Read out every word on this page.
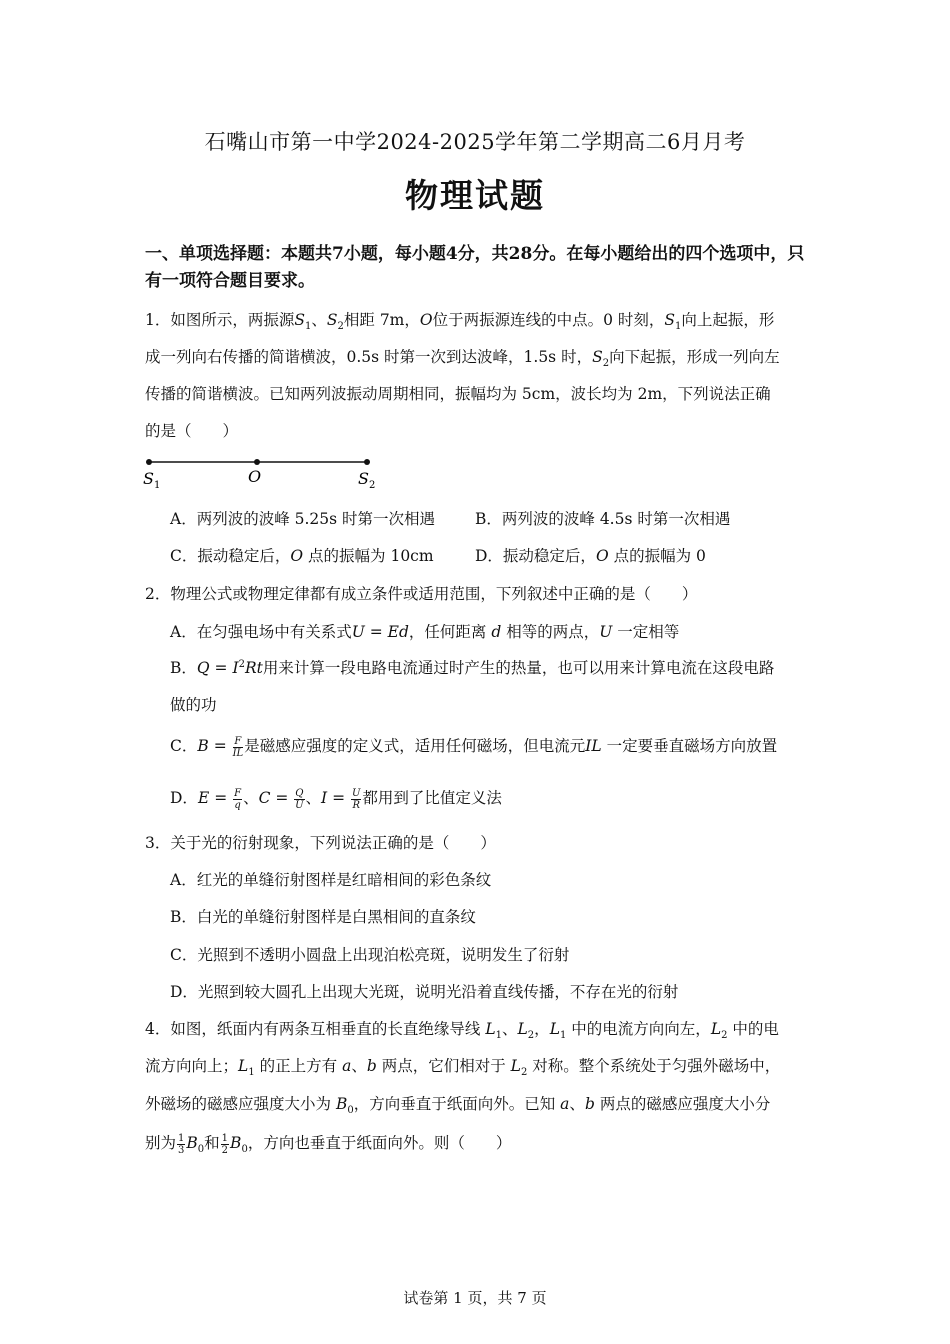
石嘴山市第一中学2024-2025学年第二学期高二6月月考
物理试题
一、单项选择题：本题共7小题，每小题4分，共28分。在每小题给出的四个选项中，只有一项符合题目要求。
1．如图所示，两振源$S_1$、$S_2$相距 7m，O位于两振源连线的中点。0 时刻，$S_1$向上起振，形
成一列向右传播的简谐横波，0.5s 时第一次到达波峰，1.5s 时，$S_2$向下起振，形成一列向左
传播的简谐横波。已知两列波振动周期相同，振幅均为 5cm，波长均为 2m，下列说法正确
的是（　　）
$S_1$	O	$S_2$
A．两列波的波峰 5.25s 时第一次相遇	B．两列波的波峰 4.5s 时第一次相遇
C．振动稳定后，O 点的振幅为 10cm	D．振动稳定后，O 点的振幅为 0
2．物理公式或物理定律都有成立条件或适用范围，下列叙述中正确的是（　　）
A．在匀强电场中有关系式U = Ed，任何距离 d 相等的两点，U 一定相等
B．$Q = I^2Rt$用来计算一段电路电流通过时产生的热量，也可以用来计算电流在这段电路
做的功
C．$B = \frac{F}{IL}$ 是磁感应强度的定义式，适用任何磁场，但电流元IL 一定要垂直磁场方向放置
D．$E = \frac{F}{q}$ 、$C = \frac{Q}{U}$ 、$I = \frac{U}{R}$ 都用到了比值定义法
3．关于光的衍射现象，下列说法正确的是（　　）
A．红光的单缝衍射图样是红暗相间的彩色条纹
B．白光的单缝衍射图样是白黑相间的直条纹
C．光照到不透明小圆盘上出现泊松亮斑，说明发生了衍射
D．光照到较大圆孔上出现大光斑，说明光沿着直线传播，不存在光的衍射
4．如图，纸面内有两条互相垂直的长直绝缘导线 $L_1$、$L_2$，$L_1$ 中的电流方向向左，$L_2$ 中的电
流方向向上；$L_1$ 的正上方有 a、b 两点，它们相对于 $L_2$ 对称。整个系统处于匀强外磁场中，
外磁场的磁感应强度大小为 $B_0$，方向垂直于纸面向外。已知 a、b 两点的磁感应强度大小分
别为 $\frac{1}{3} B_0$和 $\frac{1}{2} B_0$，方向也垂直于纸面向外。则（　　）
试卷第 1 页，共 7 页
